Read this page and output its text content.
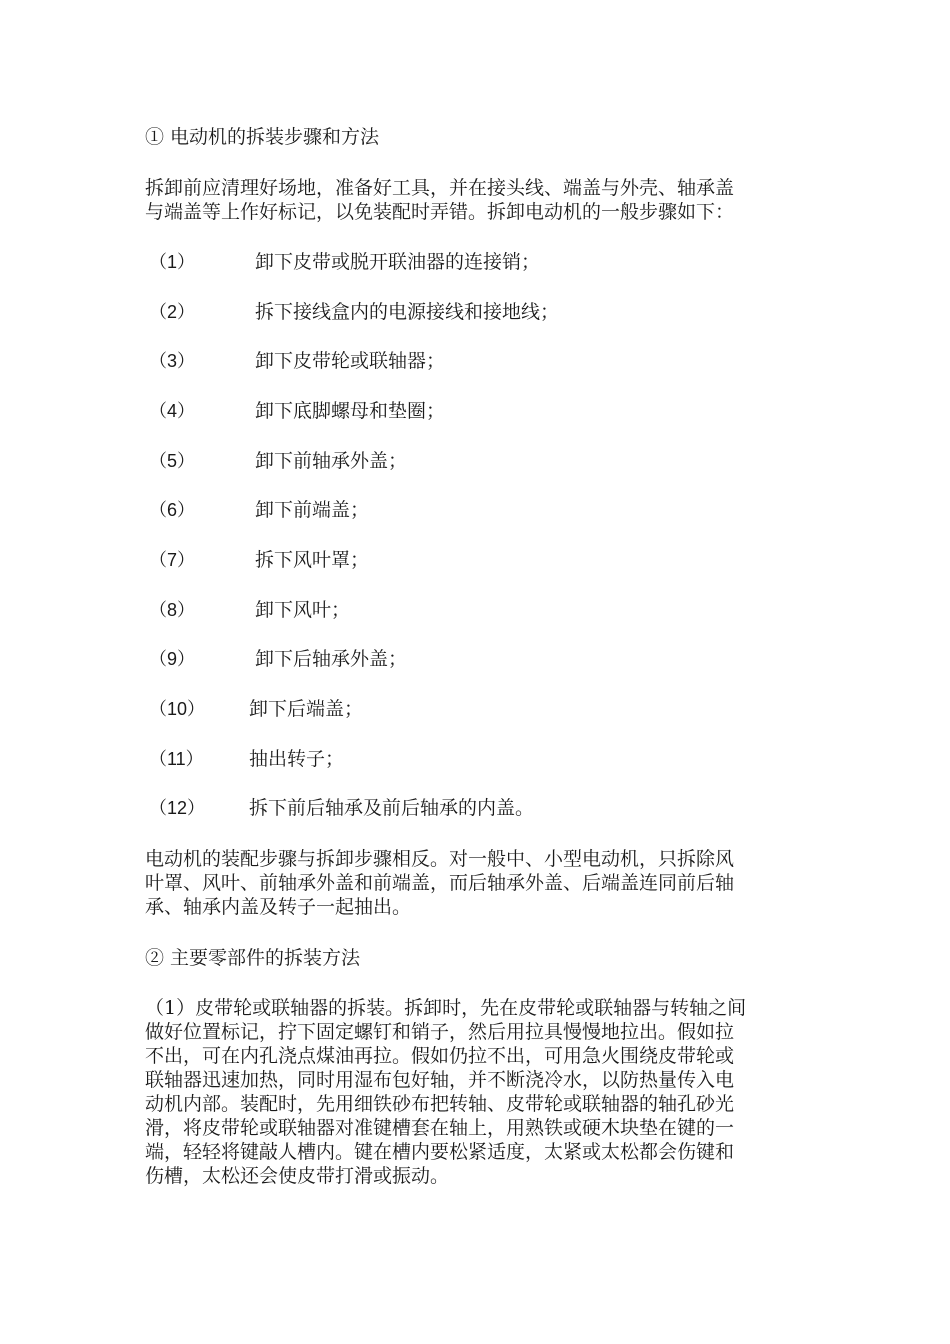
① 电动机的拆装步骤和方法
拆卸前应清理好场地，准备好工具，并在接头线、端盖与外壳、轴承盖
与端盖等上作好标记，以免装配时弄错。拆卸电动机的一般步骤如下：
（1）	卸下皮带或脱开联油器的连接销；
（2）	拆下接线盒内的电源接线和接地线；
（3）	卸下皮带轮或联轴器；
（4）	卸下底脚螺母和垫圈；
（5）	卸下前轴承外盖；
（6）	卸下前端盖；
（7）	拆下风叶罩；
（8）	卸下风叶；
（9）	卸下后轴承外盖；
（10） 卸下后端盖；
（11） 抽出转子；
（12） 拆下前后轴承及前后轴承的内盖。
电动机的装配步骤与拆卸步骤相反。对一般中、小型电动机，只拆除风
叶罩、风叶、前轴承外盖和前端盖，而后轴承外盖、后端盖连同前后轴
承、轴承内盖及转子一起抽出。
② 主要零部件的拆装方法
（1）皮带轮或联轴器的拆装。拆卸时，先在皮带轮或联轴器与转轴之间
做好位置标记，拧下固定螺钉和销子，然后用拉具慢慢地拉出。假如拉
不出，可在内孔浇点煤油再拉。假如仍拉不出，可用急火围绕皮带轮或
联轴器迅速加热，同时用湿布包好轴，并不断浇冷水，以防热量传入电
动机内部。装配时，先用细铁砂布把转轴、皮带轮或联轴器的轴孔砂光
滑，将皮带轮或联轴器对准键槽套在轴上，用熟铁或硬木块垫在键的一
端，轻轻将键敲人槽内。键在槽内要松紧适度，太紧或太松都会伤键和
伤槽，太松还会使皮带打滑或振动。
